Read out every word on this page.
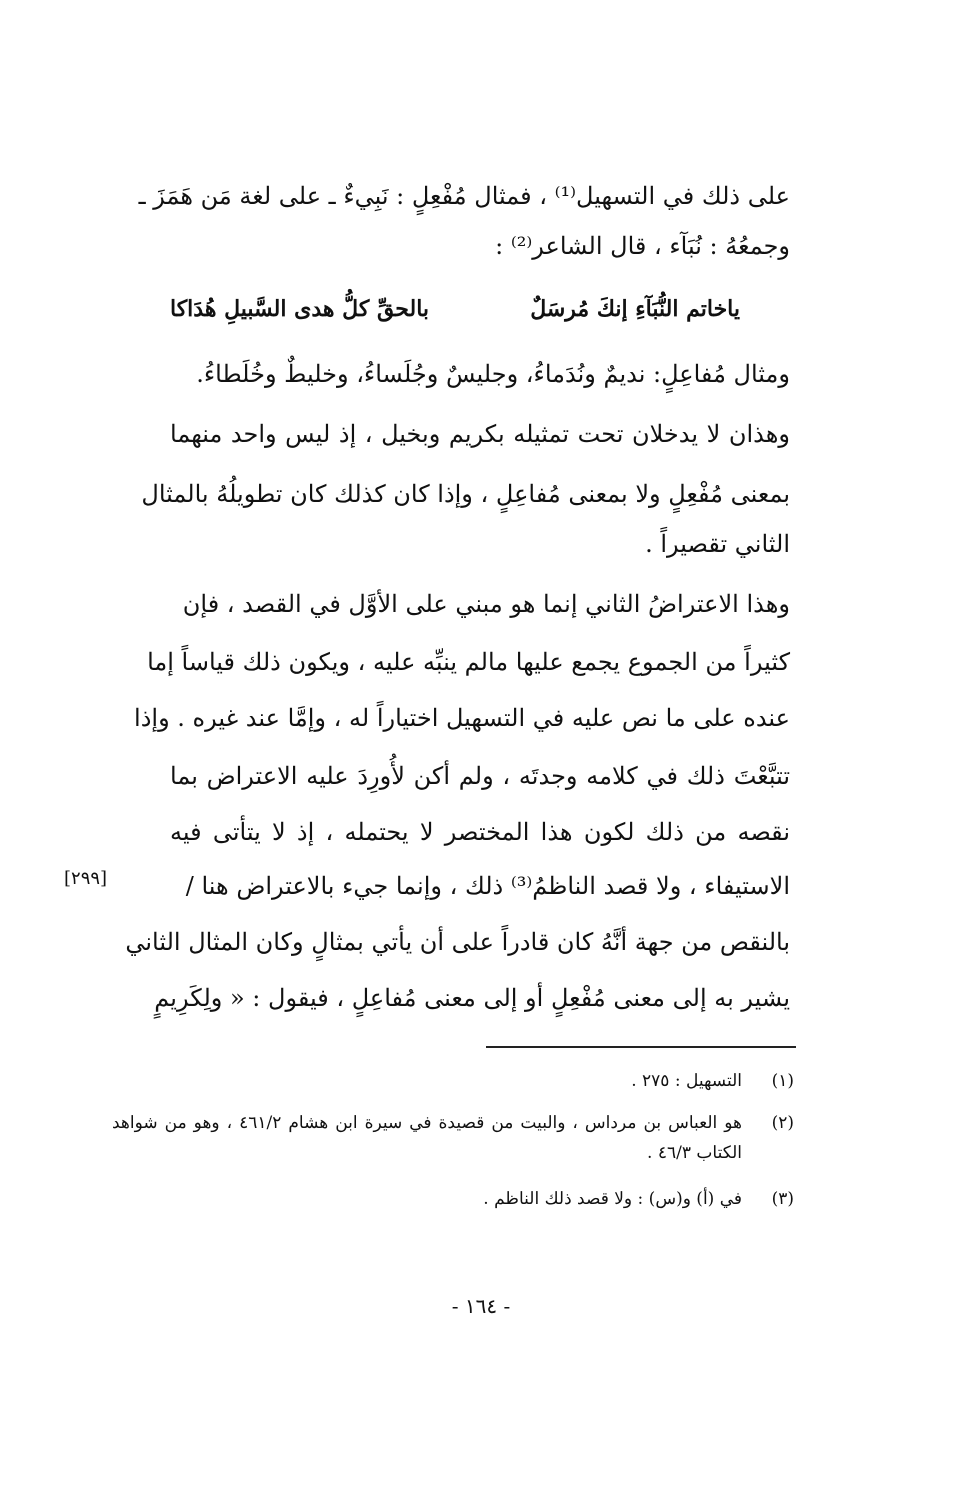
على ذلك في التسهيل⁽¹⁾ ، فمثال مُفْعِلٍ : نَبِيءٌ ـ على لغة مَن هَمَزَ ـ
وجمعُهُ : نُبَآء ، قال الشاعر⁽²⁾ :
ياخاتم النُّبَآءِ إنكَ مُرسَلٌ
بالحقِّ كلُّ هدى السَّبيلِ هُدَاكا
ومثال مُفاعِلٍ: نديمٌ ونُدَماءُ، وجليسٌ وجُلَساءُ، وخليطٌ وخُلَطاءُ.
وهذان لا يدخلان تحت تمثيله بكريم وبخيل ، إذ ليس واحد منهما
بمعنى مُفْعِلٍ ولا بمعنى مُفاعِلٍ ، وإذا كان كذلك كان تطويلُهُ بالمثال
الثاني تقصيراً .
وهذا الاعتراضُ الثاني إنما هو مبني على الأوَّل في القصد ، فإن
كثيراً من الجموع يجمع عليها مالم ينبِّه عليه ، ويكون ذلك قياساً إما
عنده على ما نص عليه في التسهيل اختياراً له ، وإمَّا عند غيره . وإذا
تتبَّعْتَ ذلك في كلامه وجدتَه ، ولم أكن لأُورِدَ عليه الاعتراض بما
نقصه من ذلك لكون هذا المختصر لا يحتمله ، إذ لا يتأتى فيه
الاستيفاء ، ولا قصد الناظمُ⁽³⁾ ذلك ، وإنما جيء بالاعتراض هنا /
بالنقص من جهة أنَّهُ كان قادراً على أن يأتي بمثالٍ وكان المثال الثاني
يشير به إلى معنى مُفْعِلٍ أو إلى معنى مُفاعِلٍ ، فيقول : « ولِكَرِيمٍ
[٢٩٩]
(١)
التسهيل : ٢٧٥ .
(٢)
هو العباس بن مرداس ، والبيت من قصيدة في سيرة ابن هشام ٤٦١/٢ ، وهو من شواهد الكتاب ٤٦/٣ .
(٣)
في (أ) و(س) : ولا قصد ذلك الناظم .
- ١٦٤ -
